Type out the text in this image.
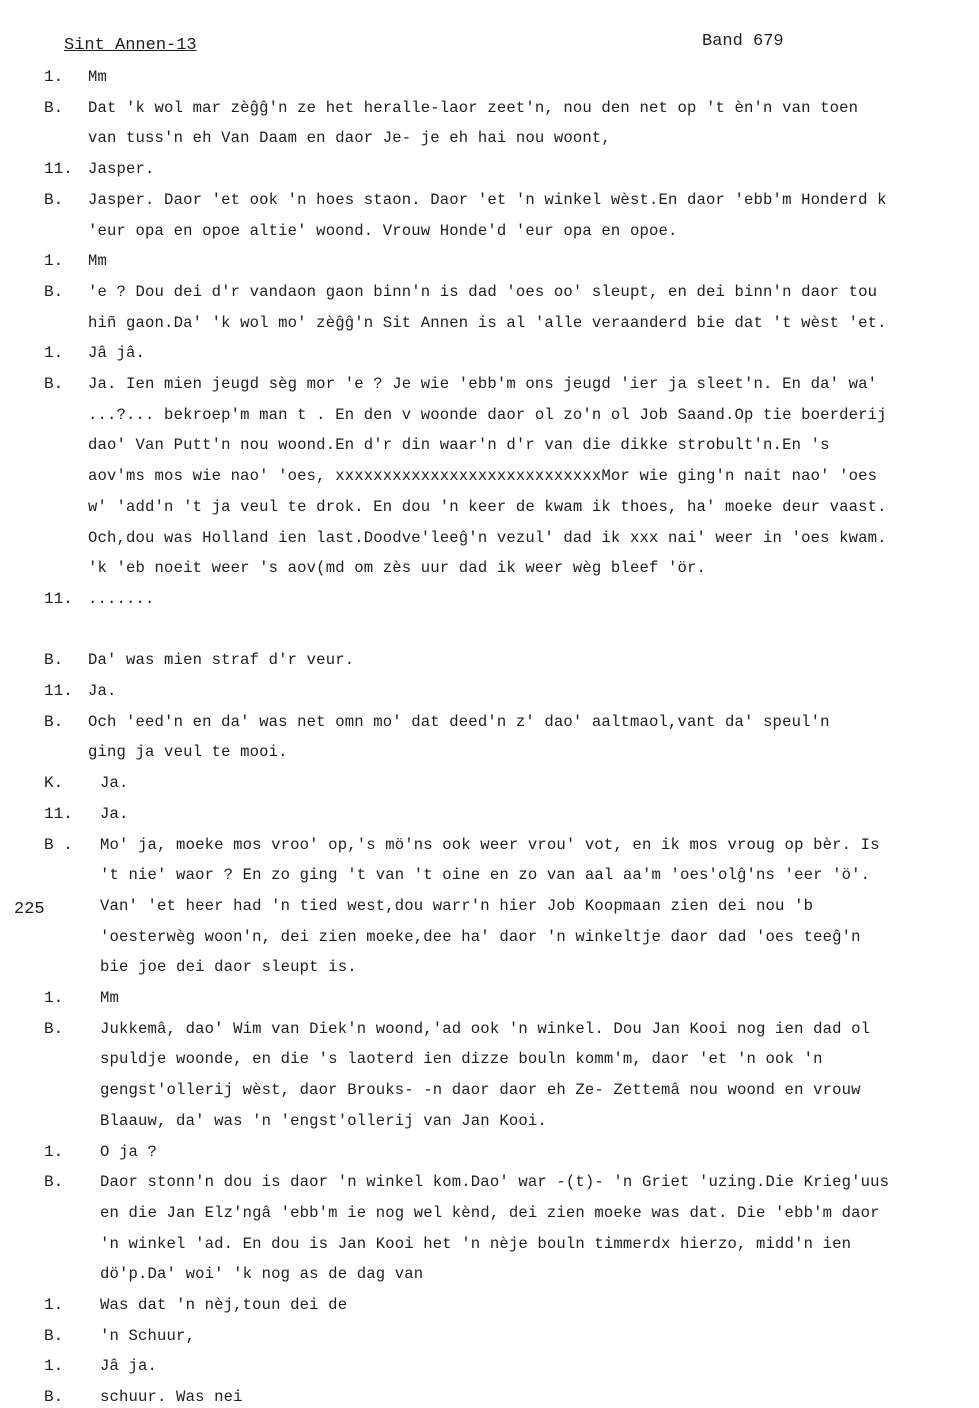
Sint Annen-13	Band 679
225
1. Mm
B. Dat 'k wol mar zèĝĝ'n ze het heralle-laor zeet'n, nou den net op 't èn'n van toen
van tuss'n eh Van Daam en daor Je- je eh hai nou woont,
11. Jasper.
B. Jasper. Daor 'et ook 'n hoes staon. Daor 'et 'n winkel wèst.En daor 'ebb'm Honderd k
'eur opa en opoe altie' woond. Vrouw Honde'd 'eur opa en opoe.
1. Mm
B. 'e ? Dou dei d'r vandaon gaon binn'n is dad 'oes oo' sleupt, en dei binn'n daor tou
hiñ gaon.Da' 'k wol mo' zèĝĝ'n Sit Annen is al 'alle veraanderd bie dat 't wèst 'et.
1. Jâ jâ.
B. Ja. Ien mien jeugd sèg mor 'e ? Je wie 'ebb'm ons jeugd 'ier ja sleet'n. En da' wa'
...?... bekroep'm man t . En den v woonde daor ol zo'n ol Job Saand.Op tie boerderij
dao' Van Putt'n nou woond.En d'r din waar'n d'r van die dikke strobult'n.En 's
aov'ms mos wie nao' 'oes, xxxxxxxxxxxxxxxxxxxxxxxxxxxxMor wie ging'n nait nao' 'oes
w' 'add'n 't ja veul te drok. En dou 'n keer de kwam ik thoes, ha' moeke deur vaast.
Och,dou was Holland ien last.Doodve'leeĝ'n vezul' dad ik xxx nai' weer in 'oes kwam.
'k 'eb noeit weer 's aov(md om zès uur dad ik weer wèg bleef 'ör.
11. .......
B. Da' was mien straf d'r veur.
11. Ja.
B. Och 'eed'n en da' was net omn mo' dat deed'n z' dao' aaltmaol,vant da' speul'n
ging ja veul te mooi.
K. Ja.
11. Ja.
B . Mo' ja, moeke mos vroo' op,'s mö'ns ook weer vrou' vot, en ik mos vroug op bèr. Is
't nie' waor ? En zo ging 't van 't oine en zo van aal aa'm 'oes'olĝ'ns 'eer 'ö'.
Van' 'et heer had 'n tied west,dou warr'n hier Job Koopmaan zien dei nou 'b
'oesterwèg woon'n, dei zien moeke,dee ha' daor 'n winkeltje daor dad 'oes teeĝ'n
bie joe dei daor sleupt is.
1. Mm
B. Jukkemâ, dao' Wim van Diek'n woond,'ad ook 'n winkel. Dou Jan Kooi nog ien dad ol
spuldje woonde, en die 's laoterd ien dizze bouln komm'm, daor 'et 'n ook 'n
gengst'ollerij wèst, daor Brouks- -n daor daor eh Ze- Zettemâ nou woond en vrouw
Blaauw, da' was 'n 'engst'ollerij van Jan Kooi.
1. O ja ?
B. Daor stonn'n dou is daor 'n winkel kom.Dao' war -(t)- 'n Griet 'uzing.Die Krieg'uus
en die Jan Elz'ngâ 'ebb'm ie nog wel kènd, dei zien moeke was dat. Die 'ebb'm daor
'n winkel 'ad. En dou is Jan Kooi het 'n nèje bouln timmerdx hierzo, midd'n ien
dö'p.Da' woi' 'k nog as de dag van
1. Was dat 'n nèj,toun dei de
B. 'n Schuur,
1. Jâ ja.
B. schuur. Was nei
